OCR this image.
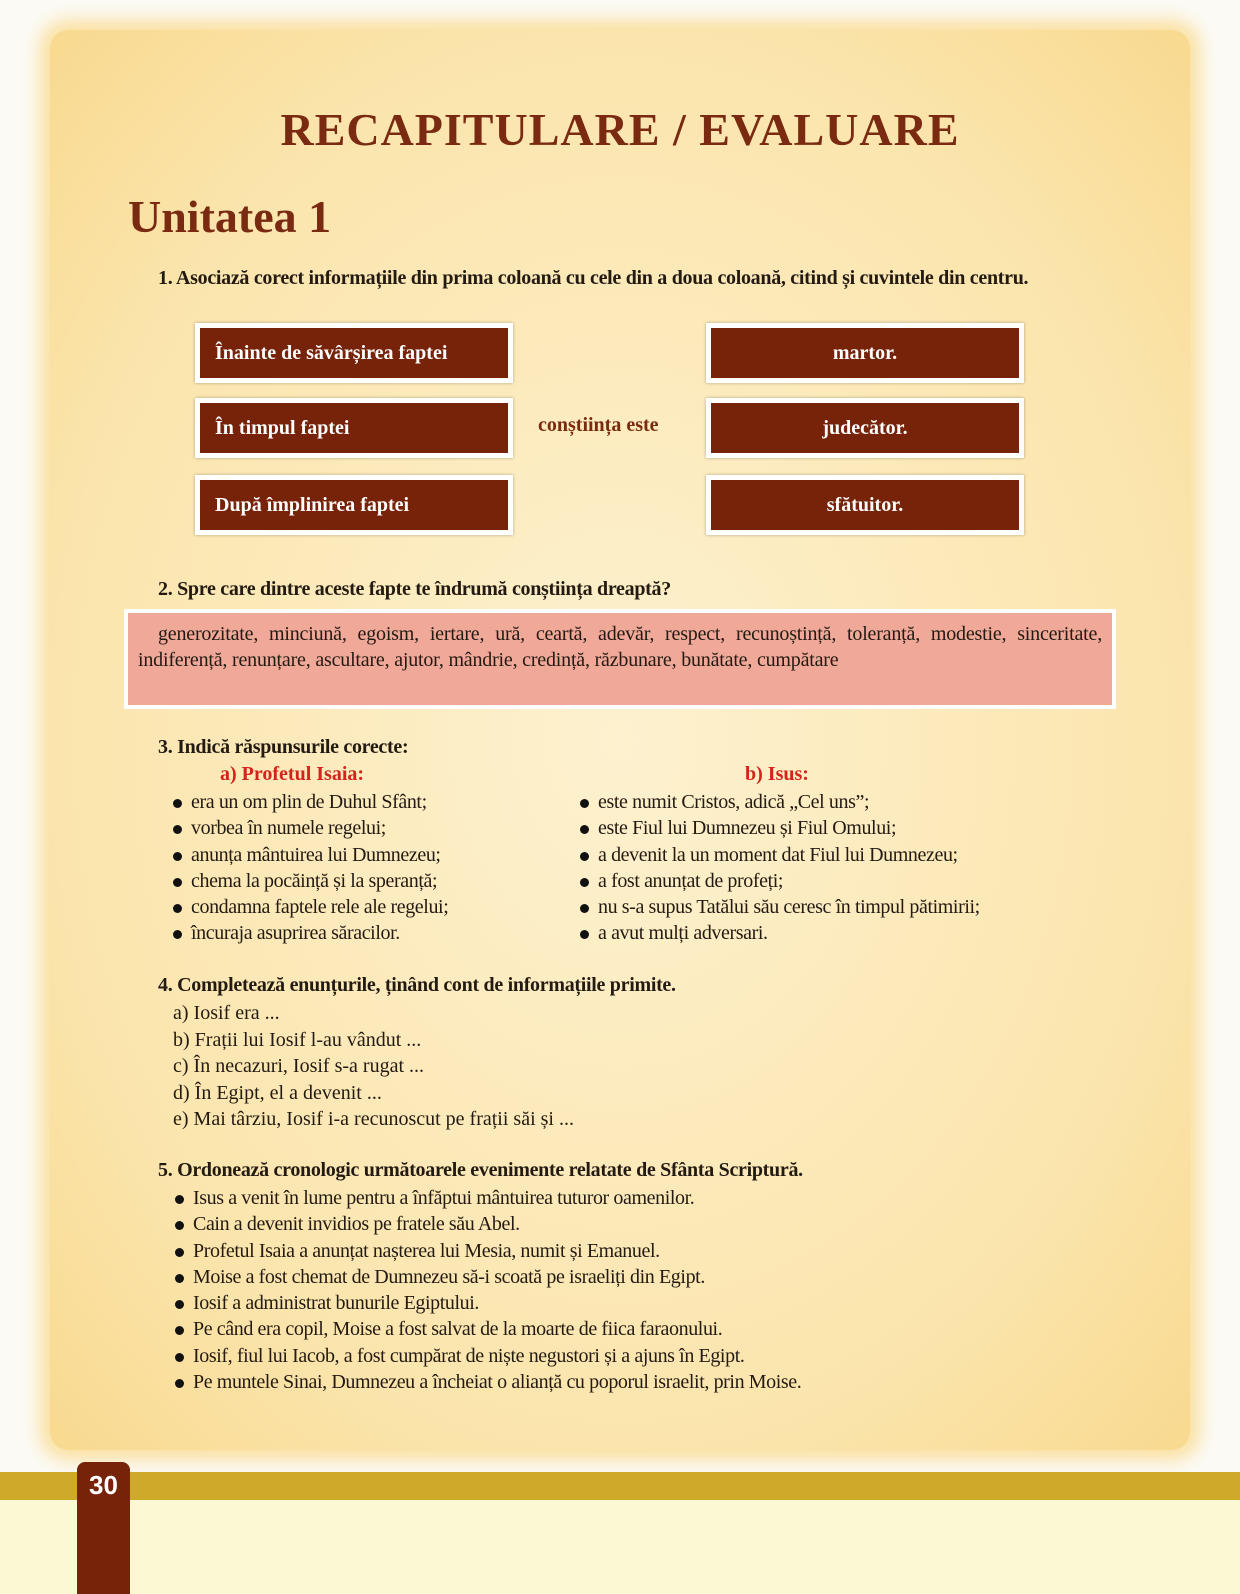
RECAPITULARE / EVALUARE
Unitatea 1
1. Asociază corect informațiile din prima coloană cu cele din a doua coloană, citind și cuvintele din centru.
Înainte de săvârșirea faptei
În timpul faptei
După împlinirea faptei
conștiința este
martor.
judecător.
sfătuitor.
2. Spre care dintre aceste fapte te îndrumă conștiința dreaptă?
generozitate, minciună, egoism, iertare, ură, ceartă, adevăr, respect, recunoștință, toleranță, modestie, sinceritate, indiferență, renunțare, ascultare, ajutor, mândrie, credință, răzbunare, bunătate, cumpătare
3. Indică răspunsurile corecte:
a) Profetul Isaia:	b) Isus:
era un om plin de Duhul Sfânt;
vorbea în numele regelui;
anunța mântuirea lui Dumnezeu;
chema la pocăință și la speranță;
condamna faptele rele ale regelui;
încuraja asuprirea săracilor.
este numit Cristos, adică „Cel uns”;
este Fiul lui Dumnezeu și Fiul Omului;
a devenit la un moment dat Fiul lui Dumnezeu;
a fost anunțat de profeți;
nu s-a supus Tatălui său ceresc în timpul pătimirii;
a avut mulți adversari.
4. Completează enunțurile, ținând cont de informațiile primite.
a) Iosif era ...
b) Frații lui Iosif l-au vândut ...
c) În necazuri, Iosif s-a rugat ...
d) În Egipt, el a devenit ...
e) Mai târziu, Iosif i-a recunoscut pe frații săi și ...
5. Ordonează cronologic următoarele evenimente relatate de Sfânta Scriptură.
Isus a venit în lume pentru a înfăptui mântuirea tuturor oamenilor.
Cain a devenit invidios pe fratele său Abel.
Profetul Isaia a anunțat nașterea lui Mesia, numit și Emanuel.
Moise a fost chemat de Dumnezeu să-i scoată pe israeliți din Egipt.
Iosif a administrat bunurile Egiptului.
Pe când era copil, Moise a fost salvat de la moarte de fiica faraonului.
Iosif, fiul lui Iacob, a fost cumpărat de niște negustori și a ajuns în Egipt.
Pe muntele Sinai, Dumnezeu a încheiat o alianță cu poporul israelit, prin Moise.
30
